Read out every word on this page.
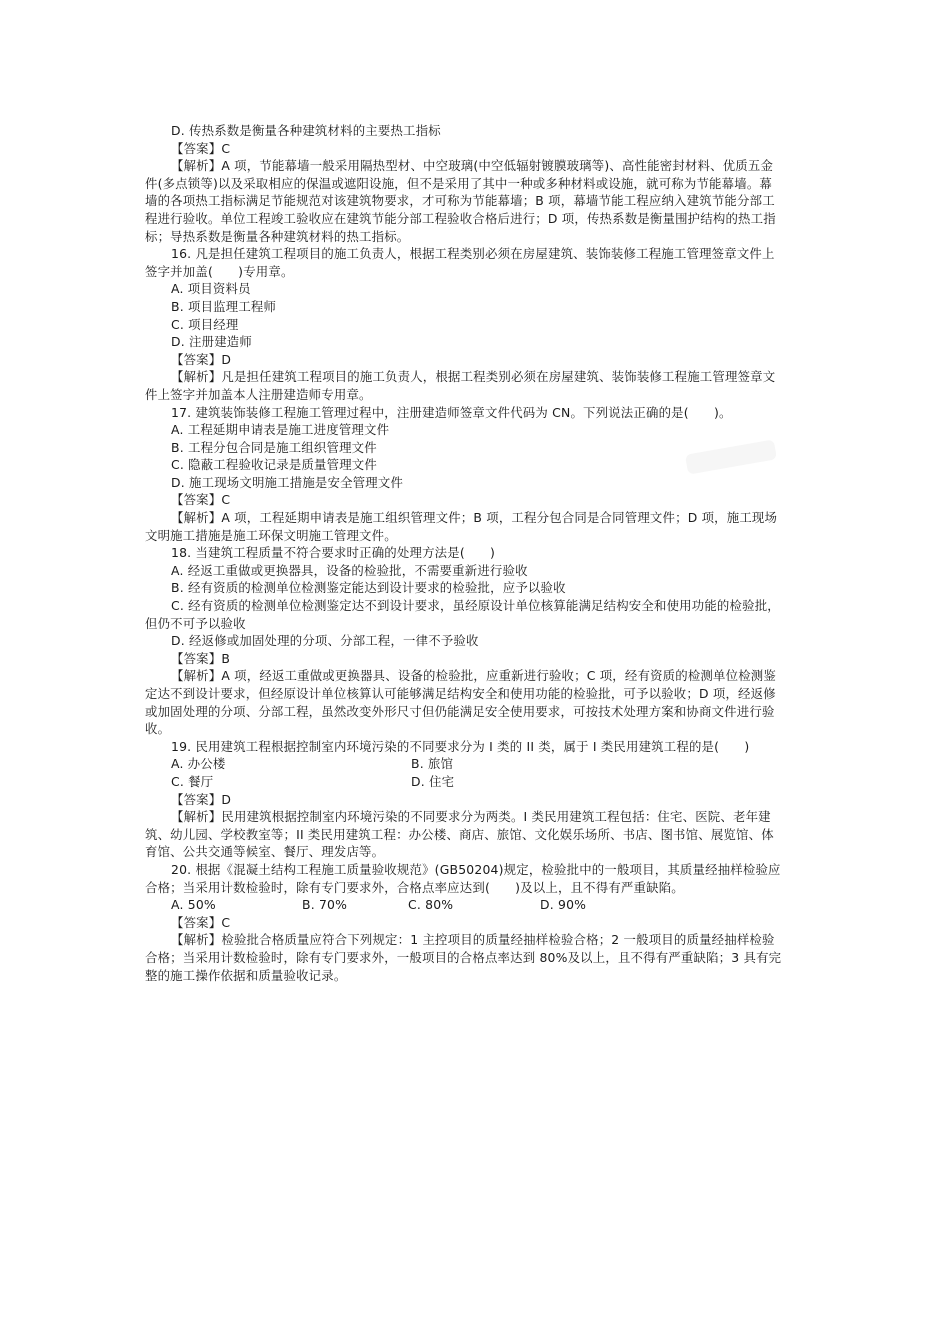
D. 传热系数是衡量各种建筑材料的主要热工指标
【答案】C
【解析】A 项，节能幕墙一般采用隔热型材、中空玻璃(中空低辐射镀膜玻璃等)、高性能密封材料、优质五金
件(多点锁等)以及采取相应的保温或遮阳设施，但不是采用了其中一种或多种材料或设施，就可称为节能幕墙。幕
墙的各项热工指标满足节能规范对该建筑物要求，才可称为节能幕墙；B 项，幕墙节能工程应纳入建筑节能分部工
程进行验收。单位工程竣工验收应在建筑节能分部工程验收合格后进行；D 项，传热系数是衡量围护结构的热工指
标；导热系数是衡量各种建筑材料的热工指标。
16. 凡是担任建筑工程项目的施工负责人，根据工程类别必须在房屋建筑、装饰装修工程施工管理签章文件上
签字并加盖(　　)专用章。
A. 项目资料员
B. 项目监理工程师
C. 项目经理
D. 注册建造师
【答案】D
【解析】凡是担任建筑工程项目的施工负责人，根据工程类别必须在房屋建筑、装饰装修工程施工管理签章文
件上签字并加盖本人注册建造师专用章。
17. 建筑装饰装修工程施工管理过程中，注册建造师签章文件代码为 CN。下列说法正确的是(　　)。
A. 工程延期申请表是施工进度管理文件
B. 工程分包合同是施工组织管理文件
C. 隐蔽工程验收记录是质量管理文件
D. 施工现场文明施工措施是安全管理文件
【答案】C
【解析】A 项，工程延期申请表是施工组织管理文件；B 项，工程分包合同是合同管理文件；D 项，施工现场
文明施工措施是施工环保文明施工管理文件。
18. 当建筑工程质量不符合要求时正确的处理方法是(　　)
A. 经返工重做或更换器具，设备的检验批，不需要重新进行验收
B. 经有资质的检测单位检测鉴定能达到设计要求的检验批，应予以验收
C. 经有资质的检测单位检测鉴定达不到设计要求，虽经原设计单位核算能满足结构安全和使用功能的检验批，
但仍不可予以验收
D. 经返修或加固处理的分项、分部工程，一律不予验收
【答案】B
【解析】A 项，经返工重做或更换器具、设备的检验批，应重新进行验收；C 项，经有资质的检测单位检测鉴
定达不到设计要求，但经原设计单位核算认可能够满足结构安全和使用功能的检验批，可予以验收；D 项，经返修
或加固处理的分项、分部工程，虽然改变外形尺寸但仍能满足安全使用要求，可按技术处理方案和协商文件进行验
收。
19. 民用建筑工程根据控制室内环境污染的不同要求分为 I 类的 II 类，属于 I 类民用建筑工程的是(　　)
A. 办公楼	B. 旅馆
C. 餐厅	D. 住宅
【答案】D
【解析】民用建筑根据控制室内环境污染的不同要求分为两类。I 类民用建筑工程包括：住宅、医院、老年建
筑、幼儿园、学校教室等；II 类民用建筑工程：办公楼、商店、旅馆、文化娱乐场所、书店、图书馆、展览馆、体
育馆、公共交通等候室、餐厅、理发店等。
20. 根据《混凝土结构工程施工质量验收规范》(GB50204)规定，检验批中的一般项目，其质量经抽样检验应
合格；当采用计数检验时，除有专门要求外，合格点率应达到(　　)及以上，且不得有严重缺陷。
A. 50%	B. 70%	C. 80%	D. 90%
【答案】C
【解析】检验批合格质量应符合下列规定：1 主控项目的质量经抽样检验合格；2 一般项目的质量经抽样检验
合格；当采用计数检验时，除有专门要求外，一般项目的合格点率达到 80%及以上，且不得有严重缺陷；3 具有完
整的施工操作依据和质量验收记录。
